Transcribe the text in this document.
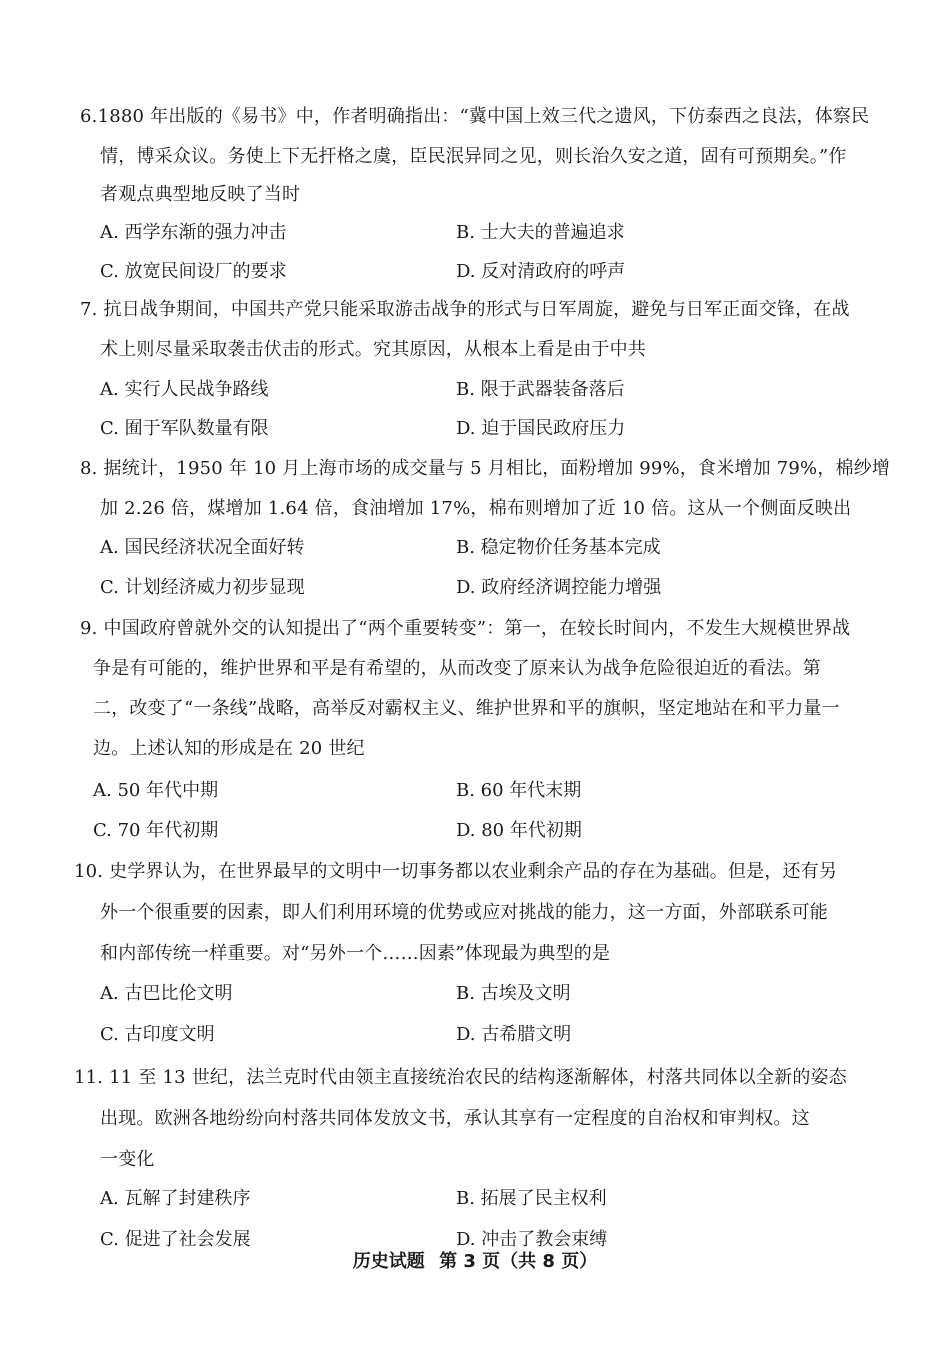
6.1880 年出版的《易书》中，作者明确指出：“冀中国上效三代之遗风，下仿泰西之良法，体察民
情，博采众议。务使上下无扞格之虞，臣民泯异同之见，则长治久安之道，固有可预期矣。”作
者观点典型地反映了当时
A. 西学东渐的强力冲击	B. 士大夫的普遍追求
C. 放宽民间设厂的要求	D. 反对清政府的呼声
7. 抗日战争期间，中国共产党只能采取游击战争的形式与日军周旋，避免与日军正面交锋，在战
术上则尽量采取袭击伏击的形式。究其原因，从根本上看是由于中共
A. 实行人民战争路线	B. 限于武器装备落后
C. 囿于军队数量有限	D. 迫于国民政府压力
8. 据统计，1950 年 10 月上海市场的成交量与 5 月相比，面粉增加 99%，食米增加 79%，棉纱增
加 2.26 倍，煤增加 1.64 倍，食油增加 17%，棉布则增加了近 10 倍。这从一个侧面反映出
A. 国民经济状况全面好转	B. 稳定物价任务基本完成
C. 计划经济威力初步显现	D. 政府经济调控能力增强
9. 中国政府曾就外交的认知提出了“两个重要转变”：第一，在较长时间内，不发生大规模世界战
争是有可能的，维护世界和平是有希望的，从而改变了原来认为战争危险很迫近的看法。第
二，改变了“一条线”战略，高举反对霸权主义、维护世界和平的旗帜，坚定地站在和平力量一
边。上述认知的形成是在 20 世纪
A. 50 年代中期	B. 60 年代末期
C. 70 年代初期	D. 80 年代初期
10. 史学界认为，在世界最早的文明中一切事务都以农业剩余产品的存在为基础。但是，还有另
外一个很重要的因素，即人们利用环境的优势或应对挑战的能力，这一方面，外部联系可能
和内部传统一样重要。对“另外一个……因素”体现最为典型的是
A. 古巴比伦文明	B. 古埃及文明
C. 古印度文明	D. 古希腊文明
11. 11 至 13 世纪，法兰克时代由领主直接统治农民的结构逐渐解体，村落共同体以全新的姿态
出现。欧洲各地纷纷向村落共同体发放文书，承认其享有一定程度的自治权和审判权。这
一变化
A. 瓦解了封建秩序	B. 拓展了民主权利
C. 促进了社会发展	D. 冲击了教会束缚
历史试题 第 3 页（共 8 页）
